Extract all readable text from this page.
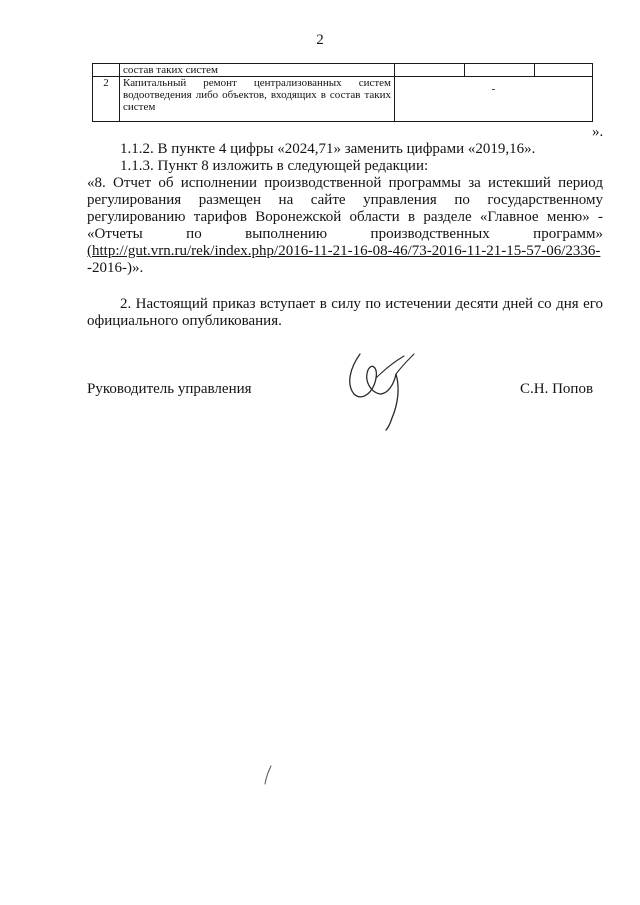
2
	состав таких систем			
2	Капитальный ремонт централизованных систем водоотведения либо объектов, входящих в состав таких систем	-		
».
1.1.2. В пункте 4 цифры «2024,71» заменить цифрами «2019,16».
1.1.3. Пункт 8 изложить в следующей редакции:
«8. Отчет об исполнении производственной программы за истекший период
регулирования размещен на сайте управления по государственному
регулированию тарифов Воронежской области в разделе «Главное меню» -
«Отчеты по выполнению производственных программ»
(http://gut.vrn.ru/rek/index.php/2016-11-21-16-08-46/73-2016-11-21-15-57-06/2336-
-2016-)».
2. Настоящий приказ вступает в силу по истечении десяти дней со дня его официального опубликования.
Руководитель управления	С.Н. Попов
